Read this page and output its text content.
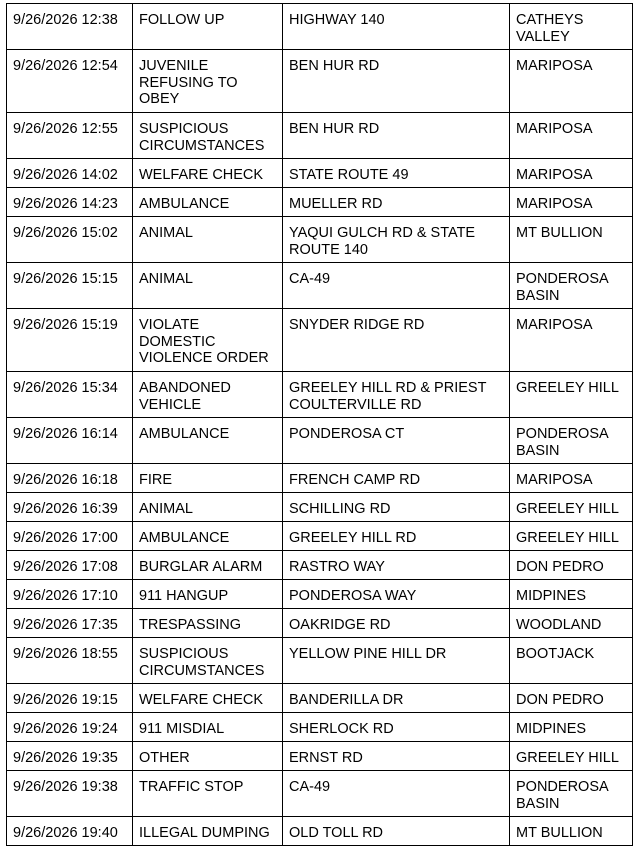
9/26/2026 12:38	FOLLOW UP	HIGHWAY 140	CATHEYS VALLEY
9/26/2026 12:54	JUVENILE REFUSING TO OBEY	BEN HUR RD	MARIPOSA
9/26/2026 12:55	SUSPICIOUS CIRCUMSTANCES	BEN HUR RD	MARIPOSA
9/26/2026 14:02	WELFARE CHECK	STATE ROUTE 49	MARIPOSA
9/26/2026 14:23	AMBULANCE	MUELLER RD	MARIPOSA
9/26/2026 15:02	ANIMAL	YAQUI GULCH RD & STATE ROUTE 140	MT BULLION
9/26/2026 15:15	ANIMAL	CA-49	PONDEROSA BASIN
9/26/2026 15:19	VIOLATE DOMESTIC VIOLENCE ORDER	SNYDER RIDGE RD	MARIPOSA
9/26/2026 15:34	ABANDONED VEHICLE	GREELEY HILL RD & PRIEST COULTERVILLE RD	GREELEY HILL
9/26/2026 16:14	AMBULANCE	PONDEROSA CT	PONDEROSA BASIN
9/26/2026 16:18	FIRE	FRENCH CAMP RD	MARIPOSA
9/26/2026 16:39	ANIMAL	SCHILLING RD	GREELEY HILL
9/26/2026 17:00	AMBULANCE	GREELEY HILL RD	GREELEY HILL
9/26/2026 17:08	BURGLAR ALARM	RASTRO WAY	DON PEDRO
9/26/2026 17:10	911 HANGUP	PONDEROSA WAY	MIDPINES
9/26/2026 17:35	TRESPASSING	OAKRIDGE RD	WOODLAND
9/26/2026 18:55	SUSPICIOUS CIRCUMSTANCES	YELLOW PINE HILL DR	BOOTJACK
9/26/2026 19:15	WELFARE CHECK	BANDERILLA DR	DON PEDRO
9/26/2026 19:24	911 MISDIAL	SHERLOCK RD	MIDPINES
9/26/2026 19:35	OTHER	ERNST RD	GREELEY HILL
9/26/2026 19:38	TRAFFIC STOP	CA-49	PONDEROSA BASIN
9/26/2026 19:40	ILLEGAL DUMPING	OLD TOLL RD	MT BULLION
